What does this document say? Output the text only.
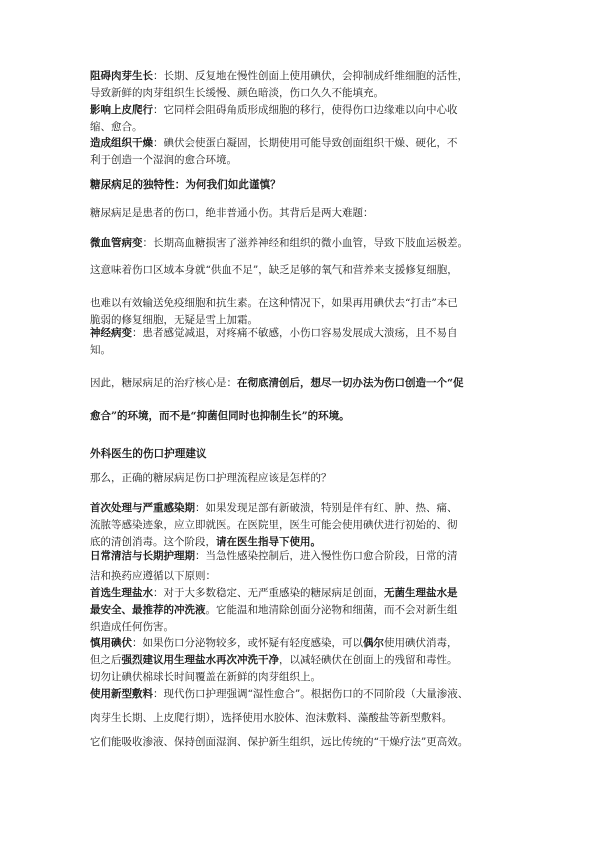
阻碍肉芽生长：长期、反复地在慢性创面上使用碘伏，会抑制成纤维细胞的活性，
导致新鲜的肉芽组织生长缓慢、颜色暗淡，伤口久久不能填充。
影响上皮爬行：它同样会阻碍角质形成细胞的移行，使得伤口边缘难以向中心收
缩、愈合。
造成组织干燥：碘伏会使蛋白凝固，长期使用可能导致创面组织干燥、硬化，不
利于创造一个湿润的愈合环境。
糖尿病足的独特性：为何我们如此谨慎？
糖尿病足是患者的伤口，绝非普通小伤。其背后是两大难题：
微血管病变：长期高血糖损害了滋养神经和组织的微小血管，导致下肢血运极差。
这意味着伤口区域本身就“供血不足”，缺乏足够的氧气和营养来支援修复细胞，
也难以有效输送免疫细胞和抗生素。在这种情况下，如果再用碘伏去“打击”本已
脆弱的修复细胞，无疑是雪上加霜。
神经病变：患者感觉减退，对疼痛不敏感，小伤口容易发展成大溃疡，且不易自
知。
因此，糖尿病足的治疗核心是：在彻底清创后，想尽一切办法为伤口创造一个“促
愈合”的环境，而不是“抑菌但同时也抑制生长”的环境。
外科医生的伤口护理建议
那么，正确的糖尿病足伤口护理流程应该是怎样的？
首次处理与严重感染期：如果发现足部有新破溃，特别是伴有红、肿、热、痛、
流脓等感染迹象，应立即就医。在医院里，医生可能会使用碘伏进行初始的、彻
底的清创消毒。这个阶段，请在医生指导下使用。
日常清洁与长期护理期：当急性感染控制后，进入慢性伤口愈合阶段，日常的清
洁和换药应遵循以下原则：
首选生理盐水：对于大多数稳定、无严重感染的糖尿病足创面，无菌生理盐水是
最安全、最推荐的冲洗液。它能温和地清除创面分泌物和细菌，而不会对新生组
织造成任何伤害。
慎用碘伏：如果伤口分泌物较多，或怀疑有轻度感染，可以偶尔使用碘伏消毒，
但之后强烈建议用生理盐水再次冲洗干净，以减轻碘伏在创面上的残留和毒性。
切勿让碘伏棉球长时间覆盖在新鲜的肉芽组织上。
使用新型敷料：现代伤口护理强调“湿性愈合”。根据伤口的不同阶段（大量渗液、
肉芽生长期、上皮爬行期），选择使用水胶体、泡沫敷料、藻酸盐等新型敷料。
它们能吸收渗液、保持创面湿润、保护新生组织，远比传统的“干燥疗法”更高效。
